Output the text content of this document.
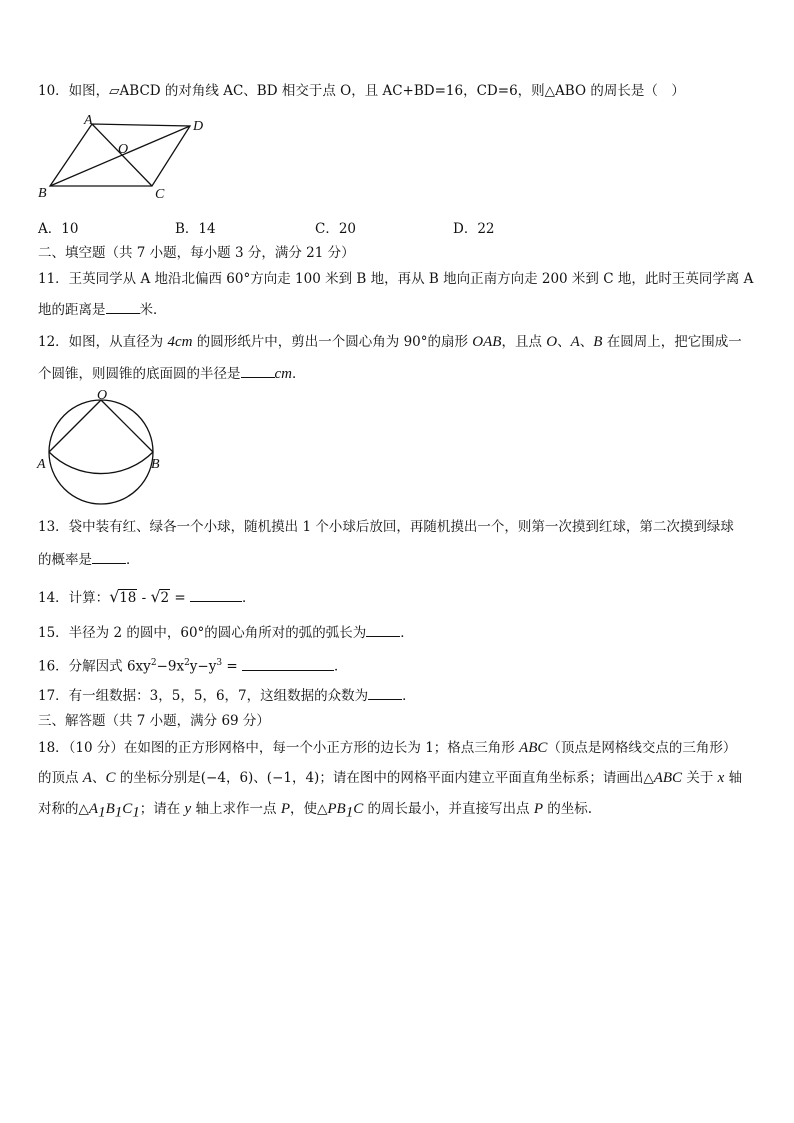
10．如图，▱ABCD 的对角线 AC、BD 相交于点 O，且 AC+BD=16，CD=6，则△ABO 的周长是（　）
A	D
O
B	C
A．10	B．14	C．20	D．22
二、填空题（共 7 小题，每小题 3 分，满分 21 分）
11．王英同学从 A 地沿北偏西 60°方向走 100 米到 B 地，再从 B 地向正南方向走 200 米到 C 地，此时王英同学离 A
地的距离是	米．
12．如图，从直径为 4cm 的圆形纸片中，剪出一个圆心角为 90°的扇形 OAB，且点 O、A、B 在圆周上，把它围成一
个圆锥，则圆锥的底面圆的半径是 cm．
O
A	B
13．袋中装有红、绿各一个小球，随机摸出 1 个小球后放回，再随机摸出一个，则第一次摸到红球，第二次摸到绿球
的概率是	．
14．计算： √ 18 - √ 2 =	．
15．半径为 2 的圆中，60°的圆心角所对的弧的弧长为	．
16．分解因式 $6xy^2-9x^2y-y^3$ =	．
17．有一组数据：3，5，5，6，7，这组数据的众数为	．
三、解答题（共 7 小题，满分 69 分）
18．（10 分）在如图的正方形网格中，每一个小正方形的边长为 1；格点三角形 ABC（顶点是网格线交点的三角形）
的顶点 A、C 的坐标分别是(−4，6)、(−1，4)；请在图中的网格平面内建立平面直角坐标系；请画出△ABC 关于 x 轴
对称的$\triangle A_1B_1C_1$；请在 y 轴上求作一点 P，使$\triangle PB_1C$ 的周长最小，并直接写出点 P 的坐标.
